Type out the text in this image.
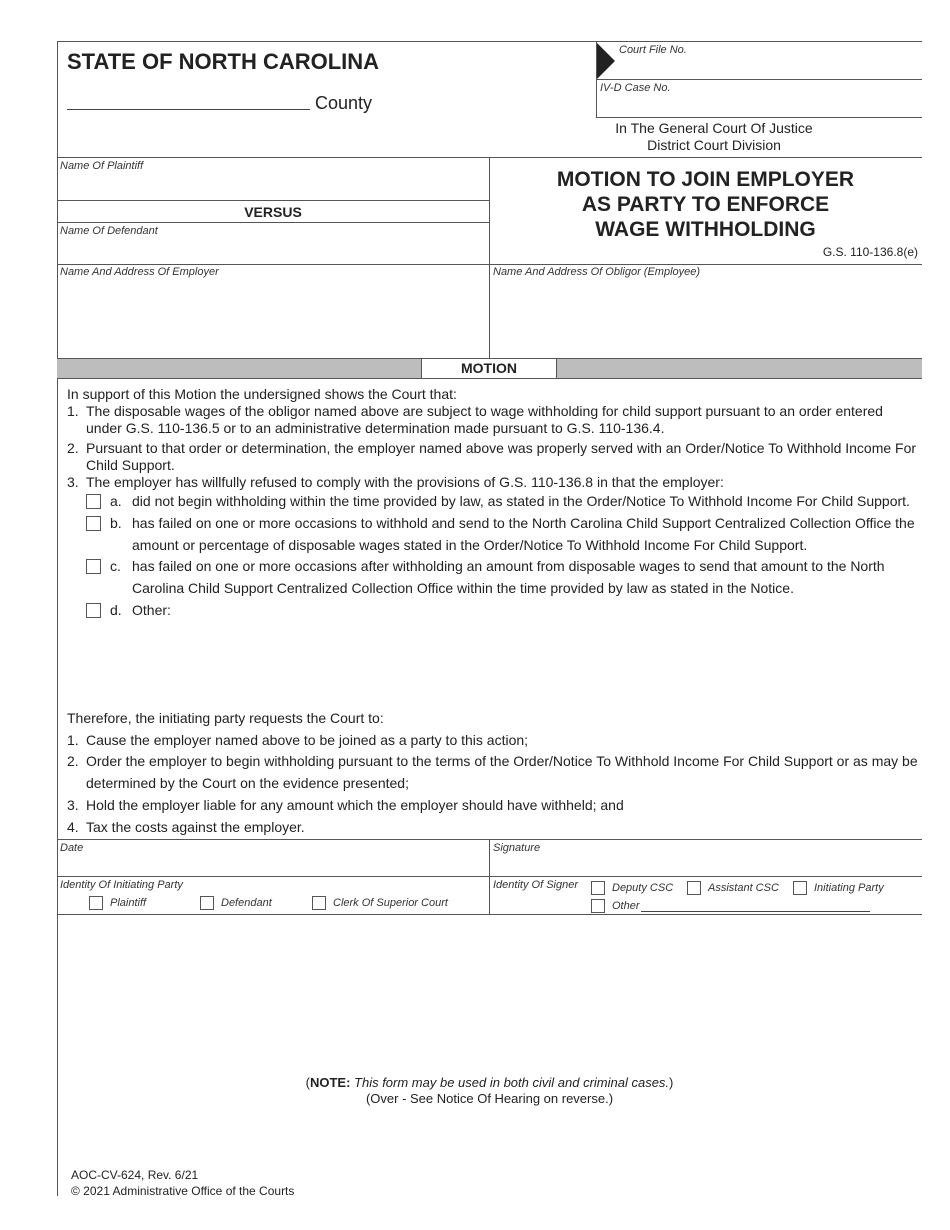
STATE OF NORTH CAROLINA
County
Court File No.
IV-D Case No.
In The General Court Of Justice
District Court Division
Name Of Plaintiff
VERSUS
Name Of Defendant
MOTION TO JOIN EMPLOYER
AS PARTY TO ENFORCE
WAGE WITHHOLDING
G.S. 110-136.8(e)
Name And Address Of Employer	Name And Address Of Obligor (Employee)
MOTION
In support of this Motion the undersigned shows the Court that:
1. The disposable wages of the obligor named above are subject to wage withholding for child support pursuant to an order entered
under G.S. 110-136.5 or to an administrative determination made pursuant to G.S. 110-136.4.
2. Pursuant to that order or determination, the employer named above was properly served with an Order/Notice To Withhold Income For
Child Support.
3. The employer has willfully refused to comply with the provisions of G.S. 110-136.8 in that the employer:
a. did not begin withholding within the time provided by law, as stated in the Order/Notice To Withhold Income For Child Support.
b. has failed on one or more occasions to withhold and send to the North Carolina Child Support Centralized Collection Office the
amount or percentage of disposable wages stated in the Order/Notice To Withhold Income For Child Support.
c. has failed on one or more occasions after withholding an amount from disposable wages to send that amount to the North
Carolina Child Support Centralized Collection Office within the time provided by law as stated in the Notice.
d. Other:
Therefore, the initiating party requests the Court to:
1. Cause the employer named above to be joined as a party to this action;
2. Order the employer to begin withholding pursuant to the terms of the Order/Notice To Withhold Income For Child Support or as may be
determined by the Court on the evidence presented;
3. Hold the employer liable for any amount which the employer should have withheld; and
4. Tax the costs against the employer.
Date	Signature
Identity Of Initiating Party
Plaintiff	Defendant	Clerk Of Superior Court
Identity Of Signer	Deputy CSC	Assistant CSC	Initiating Party
Other
(NOTE: This form may be used in both civil and criminal cases.)
(Over - See Notice Of Hearing on reverse.)
AOC-CV-624, Rev. 6/21
© 2021 Administrative Office of the Courts
